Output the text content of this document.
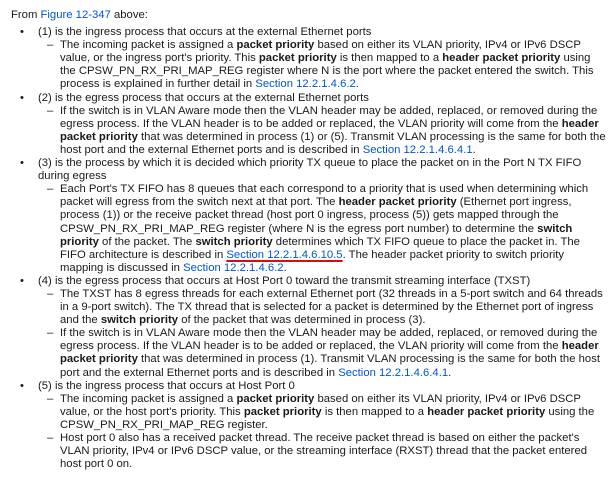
From Figure 12-347 above:

• (1) is the ingress process that occurs at the external Ethernet ports
– The incoming packet is assigned a packet priority based on either its VLAN priority, IPv4 or IPv6 DSCP value, or the ingress port's priority. This packet priority is then mapped to a header packet priority using the CPSW_PN_RX_PRI_MAP_REG register where N is the port where the packet entered the switch. This process is explained in further detail in Section 12.2.1.4.6.2.
• (2) is the egress process that occurs at the external Ethernet ports
– If the switch is in VLAN Aware mode then the VLAN header may be added, replaced, or removed during the egress process. If the VLAN header is to be added or replaced, the VLAN priority will come from the header packet priority that was determined in process (1) or (5). Transmit VLAN processing is the same for both the host port and the external Ethernet ports and is described in Section 12.2.1.4.6.4.1.
• (3) is the process by which it is decided which priority TX queue to place the packet on in the Port N TX FIFO during egress
– Each Port's TX FIFO has 8 queues that each correspond to a priority that is used when determining which packet will egress from the switch next at that port. The header packet priority (Ethernet port ingress, process (1)) or the receive packet thread (host port 0 ingress, process (5)) gets mapped through the CPSW_PN_RX_PRI_MAP_REG register (where N is the egress port number) to determine the switch priority of the packet. The switch priority determines which TX FIFO queue to place the packet in. The FIFO architecture is described in Section 12.2.1.4.6.10.5. The header packet priority to switch priority mapping is discussed in Section 12.2.1.4.6.2.
• (4) is the egress process that occurs at Host Port 0 toward the transmit streaming interface (TXST)
– The TXST has 8 egress threads for each external Ethernet port (32 threads in a 5-port switch and 64 threads in a 9-port switch). The TX thread that is selected for a packet is determined by the Ethernet port of ingress and the switch priority of the packet that was determined in process (3).
– If the switch is in VLAN Aware mode then the VLAN header may be added, replaced, or removed during the egress process. If the VLAN header is to be added or replaced, the VLAN priority will come from the header packet priority that was determined in process (1). Transmit VLAN processing is the same for both the host port and the external Ethernet ports and is described in Section 12.2.1.4.6.4.1.
• (5) is the ingress process that occurs at Host Port 0
– The incoming packet is assigned a packet priority based on either its VLAN priority, IPv4 or IPv6 DSCP value, or the host port's priority. This packet priority is then mapped to a header packet priority using the CPSW_PN_RX_PRI_MAP_REG register.
– Host port 0 also has a received packet thread. The receive packet thread is based on either the packet's VLAN priority, IPv4 or IPv6 DSCP value, or the streaming interface (RXST) thread that the packet entered host port 0 on.
